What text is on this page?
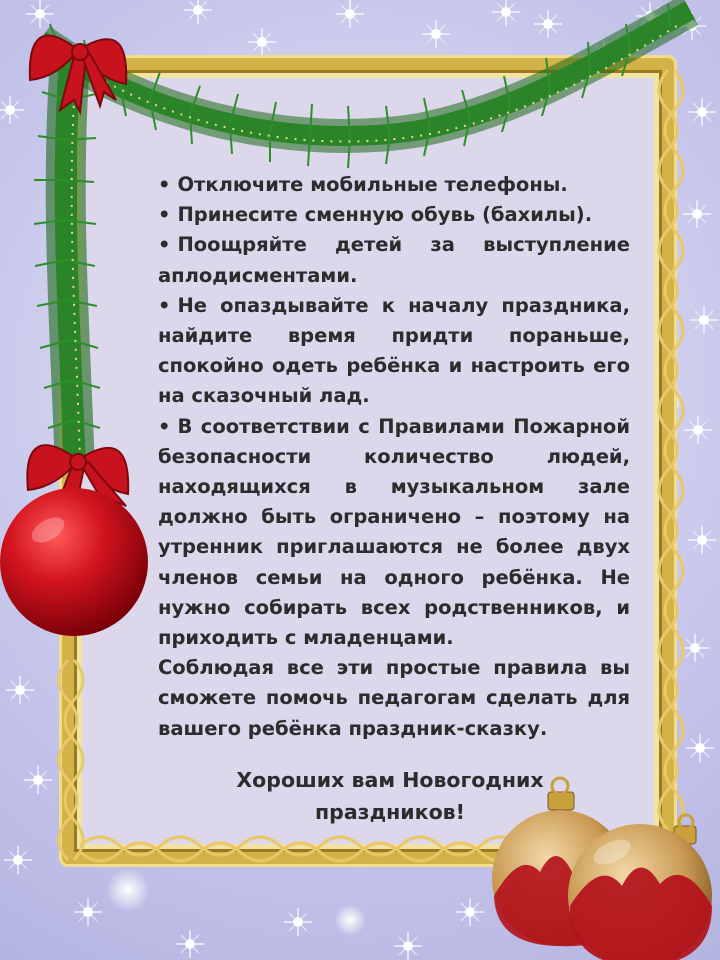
• Отключите мобильные телефоны.

• Принесите сменную обувь (бахилы).

• Поощряйте детей за выступление аплодисментами.

• Не опаздывайте к началу праздника, найдите время придти пораньше, спокойно одеть ребёнка и настроить его на сказочный лад.

• В соответствии с Правилами Пожарной безопасности количество людей, находящихся в музыкальном зале должно быть ограничено – поэтому на утренник приглашаются не более двух членов семьи на одного ребёнка. Не нужно собирать всех родственников, и приходить с младенцами.

Соблюдая все эти простые правила вы сможете помочь педагогам сделать для вашего ребёнка праздник-сказку.

Хороших вам Новогодних
праздников!
